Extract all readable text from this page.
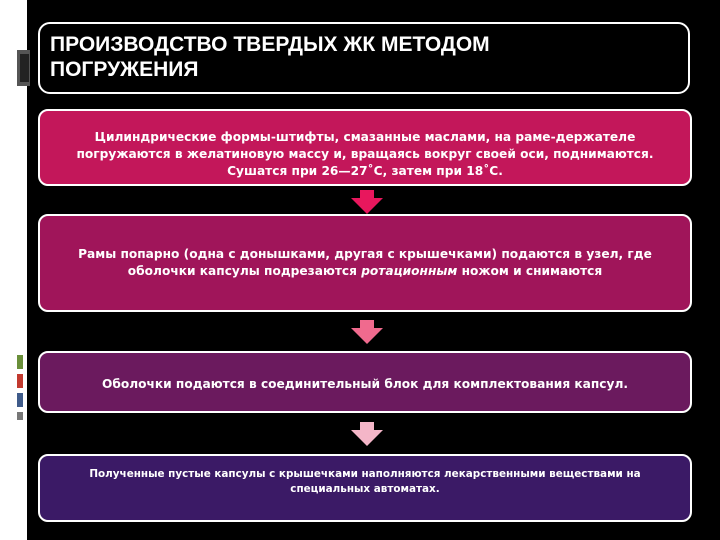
ПРОИЗВОДСТВО ТВЕРДЫХ ЖК МЕТОДОМ
ПОГРУЖЕНИЯ

Цилиндрические формы-штифты, смазанные маслами, на раме-держателе погружаются в желатиновую массу и, вращаясь вокруг своей оси, поднимаются. Сушатся при 26—27˚С, затем при 18˚С.

Рамы попарно (одна с донышками, другая с крышечками) подаются в узел, где оболочки капсулы подрезаются ротационным ножом и снимаются

Оболочки подаются в соединительный блок для комплектования капсул.

Полученные пустые капсулы с крышечками наполняются лекарственными веществами на специальных автоматах.
